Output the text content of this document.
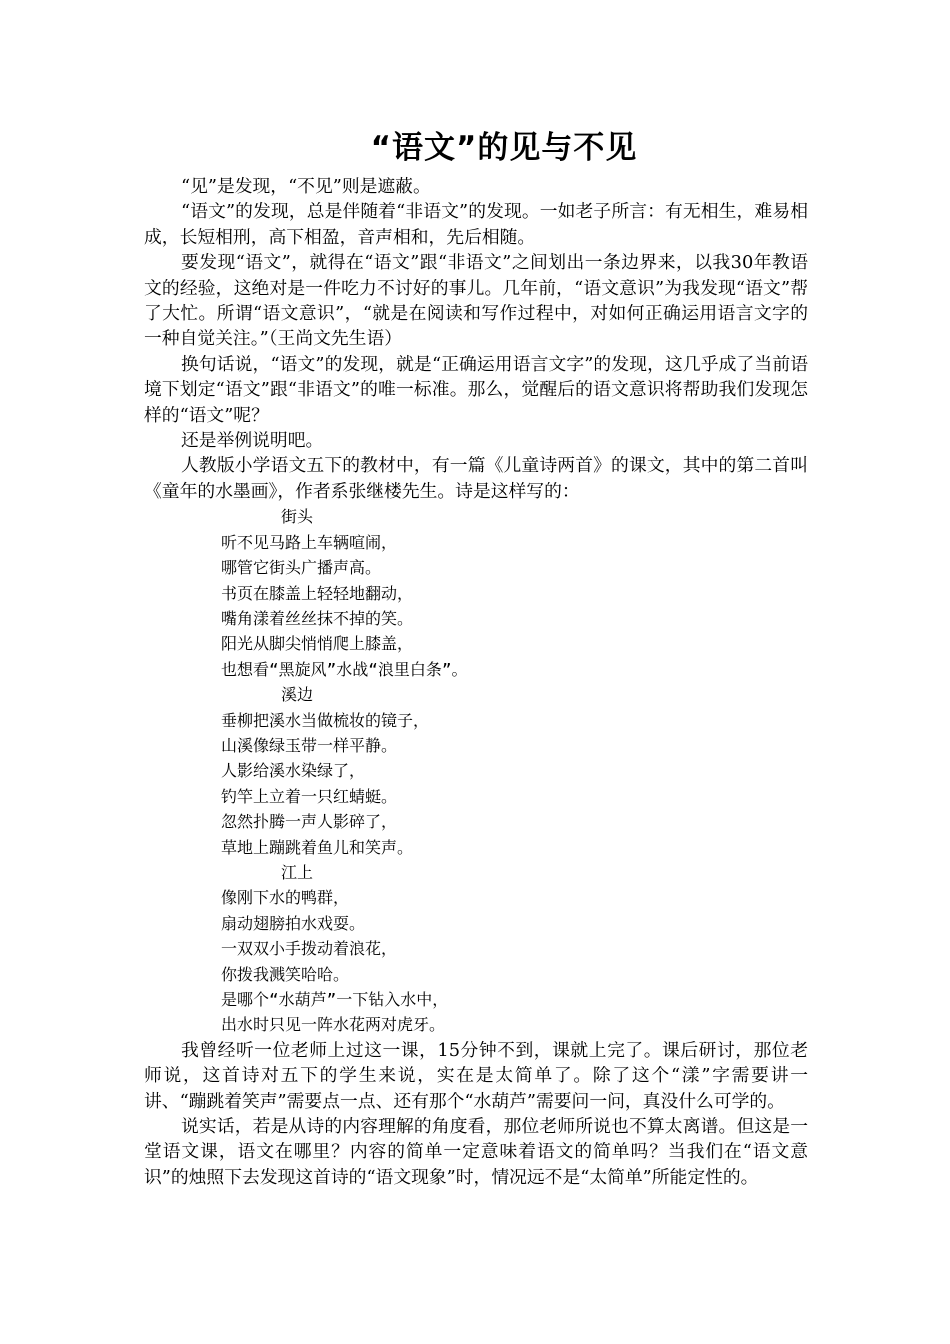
“语文”的见与不见

“见”是发现，“不见”则是遮蔽。

“语文”的发现，总是伴随着“非语文”的发现。一如老子所言：有无相生，难易相成，长短相刑，高下相盈，音声相和，先后相随。

要发现“语文”，就得在“语文”跟“非语文”之间划出一条边界来，以我30年教语文的经验，这绝对是一件吃力不讨好的事儿。几年前，“语文意识”为我发现“语文”帮了大忙。所谓“语文意识”，“就是在阅读和写作过程中，对如何正确运用语言文字的一种自觉关注。”（王尚文先生语）

换句话说，“语文”的发现，就是“正确运用语言文字”的发现，这几乎成了当前语境下划定“语文”跟“非语文”的唯一标准。那么，觉醒后的语文意识将帮助我们发现怎样的“语文”呢？

还是举例说明吧。

人教版小学语文五下的教材中，有一篇《儿童诗两首》的课文，其中的第二首叫《童年的水墨画》，作者系张继楼先生。诗是这样写的：

街头
听不见马路上车辆喧闹，
哪管它街头广播声高。
书页在膝盖上轻轻地翻动，
嘴角漾着丝丝抹不掉的笑。
阳光从脚尖悄悄爬上膝盖，
也想看“黑旋风”水战“浪里白条”。
溪边
垂柳把溪水当做梳妆的镜子，
山溪像绿玉带一样平静。
人影给溪水染绿了，
钓竿上立着一只红蜻蜓。
忽然扑腾一声人影碎了，
草地上蹦跳着鱼儿和笑声。
江上
像刚下水的鸭群，
扇动翅膀拍水戏耍。
一双双小手拨动着浪花，
你拨我溅笑哈哈。
是哪个“水葫芦”一下钻入水中，
出水时只见一阵水花两对虎牙。

我曾经听一位老师上过这一课，15分钟不到，课就上完了。课后研讨，那位老师说，这首诗对五下的学生来说，实在是太简单了。除了这个“漾”字需要讲一讲、“蹦跳着笑声”需要点一点、还有那个“水葫芦”需要问一问，真没什么可学的。

说实话，若是从诗的内容理解的角度看，那位老师所说也不算太离谱。但这是一堂语文课，语文在哪里？内容的简单一定意味着语文的简单吗？当我们在“语文意识”的烛照下去发现这首诗的“语文现象”时，情况远不是“太简单”所能定性的。
